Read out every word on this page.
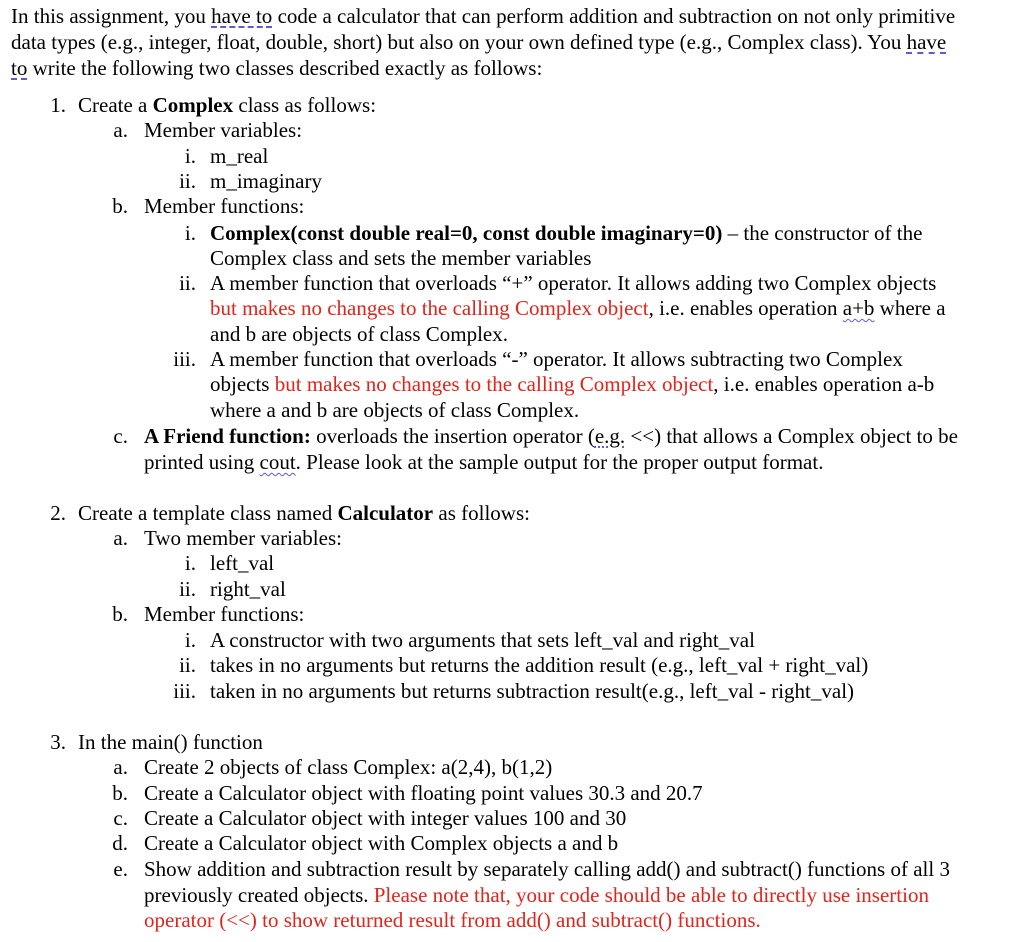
In this assignment, you have to code a calculator that can perform addition and subtraction on not only primitive
data types (e.g., integer, float, double, short) but also on your own defined type (e.g., Complex class). You have
to write the following two classes described exactly as follows:
1. Create a Complex class as follows:
a. Member variables:
i. m_real
ii. m_imaginary
b. Member functions:
i. Complex(const double real=0, const double imaginary=0) – the constructor of the
Complex class and sets the member variables
ii. A member function that overloads “+” operator. It allows adding two Complex objects
but makes no changes to the calling Complex object, i.e. enables operation a+b where a
and b are objects of class Complex.
iii. A member function that overloads “-” operator. It allows subtracting two Complex
objects but makes no changes to the calling Complex object, i.e. enables operation a-b
where a and b are objects of class Complex.
c. A Friend function: overloads the insertion operator (e.g. <<) that allows a Complex object to be
printed using cout. Please look at the sample output for the proper output format.
2. Create a template class named Calculator as follows:
a. Two member variables:
i. left_val
ii. right_val
b. Member functions:
i. A constructor with two arguments that sets left_val and right_val
ii. takes in no arguments but returns the addition result (e.g., left_val + right_val)
iii. taken in no arguments but returns subtraction result(e.g., left_val - right_val)
3. In the main() function
a. Create 2 objects of class Complex: a(2,4), b(1,2)
b. Create a Calculator object with floating point values 30.3 and 20.7
c. Create a Calculator object with integer values 100 and 30
d. Create a Calculator object with Complex objects a and b
e. Show addition and subtraction result by separately calling add() and subtract() functions of all 3
previously created objects. Please note that, your code should be able to directly use insertion
operator (<<) to show returned result from add() and subtract() functions.
